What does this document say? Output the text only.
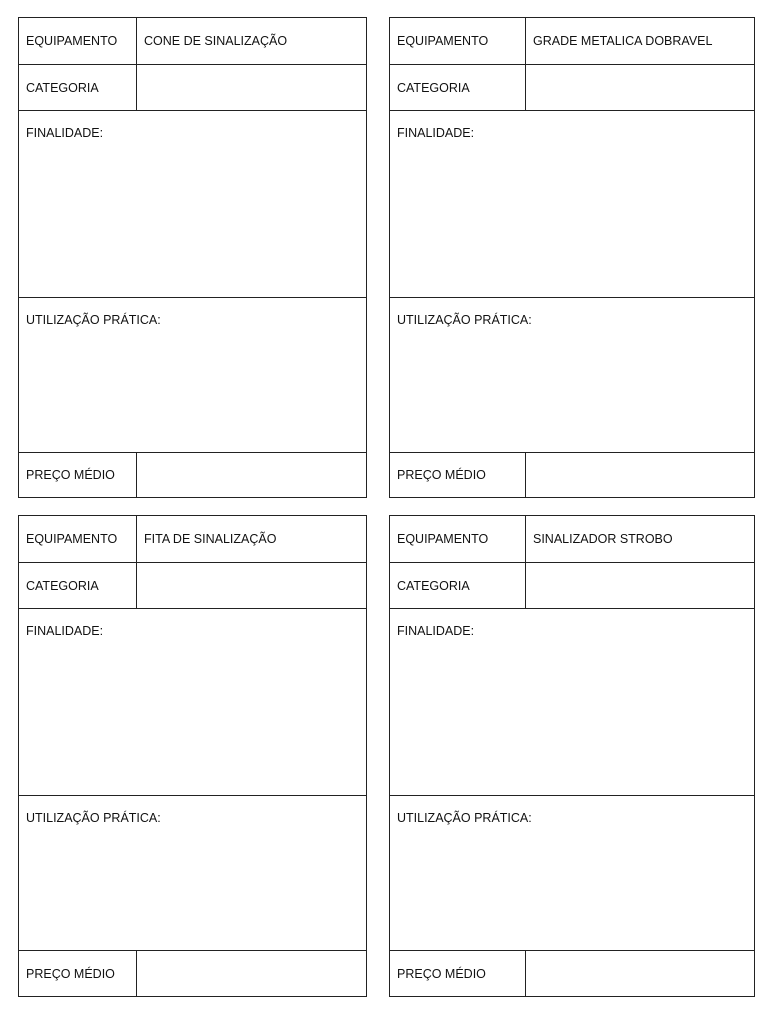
EQUIPAMENTO	CONE DE SINALIZAÇÃO
CATEGORIA
FINALIDADE:
UTILIZAÇÃO PRÁTICA:
PREÇO MÉDIO
EQUIPAMENTO	GRADE METALICA DOBRAVEL
CATEGORIA
FINALIDADE:
UTILIZAÇÃO PRÁTICA:
PREÇO MÉDIO
EQUIPAMENTO	FITA DE SINALIZAÇÃO
CATEGORIA
FINALIDADE:
UTILIZAÇÃO PRÁTICA:
PREÇO MÉDIO
EQUIPAMENTO	SINALIZADOR STROBO
CATEGORIA
FINALIDADE:
UTILIZAÇÃO PRÁTICA:
PREÇO MÉDIO
